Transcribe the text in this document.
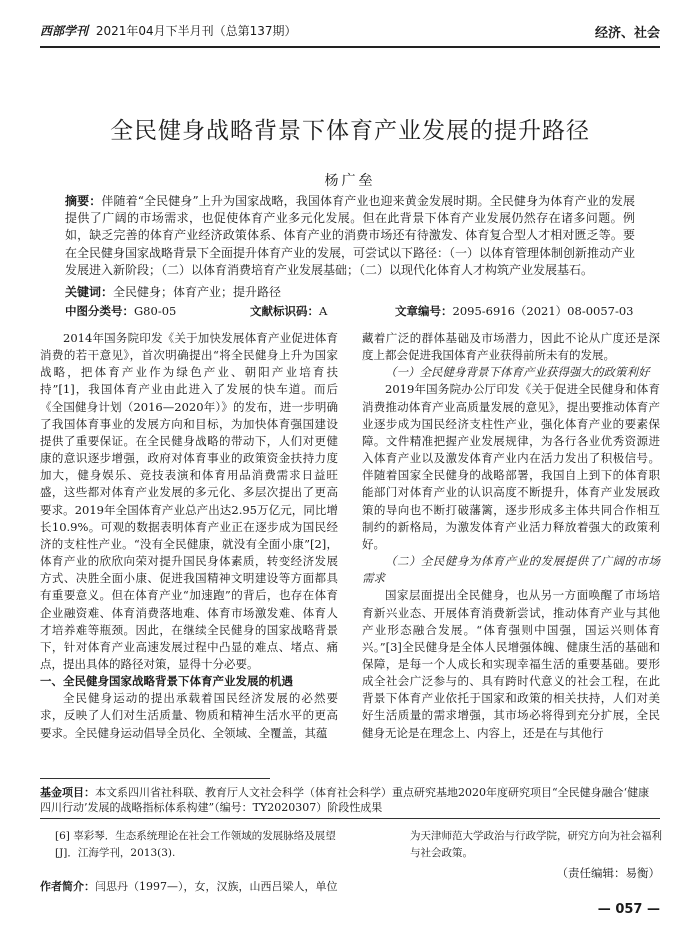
西部学刊 2021年04月下半月刊（总第137期）	经济、社会
全民健身战略背景下体育产业发展的提升路径
杨广垒
摘要：伴随着“全民健身”上升为国家战略，我国体育产业也迎来黄金发展时期。全民健身为体育产业的发展提供了广阔的市场需求，也促使体育产业多元化发展。但在此背景下体育产业发展仍然存在诸多问题。例如，缺乏完善的体育产业经济政策体系、体育产业的消费市场还有待激发、体育复合型人才相对匮乏等。要在全民健身国家战略背景下全面提升体育产业的发展，可尝试以下路径：（一）以体育管理体制创新推动产业发展进入新阶段；（二）以体育消费培育产业发展基础；（二）以现代化体育人才构筑产业发展基石。
关键词：全民健身；体育产业；提升路径
中图分类号：G80-05	文献标识码：A	文章编号：2095-6916（2021）08-0057-03

2014年国务院印发《关于加快发展体育产业促进体育消费的若干意见》，首次明确提出“将全民健身上升为国家战略，把体育产业作为绿色产业、朝阳产业培育扶持”[1]，我国体育产业由此进入了发展的快车道。而后《全国健身计划（2016—2020年）》的发布，进一步明确了我国体育事业的发展方向和目标，为加快体育强国建设提供了重要保证。在全民健身战略的带动下，人们对更健康的意识逐步增强，政府对体育事业的政策资金扶持力度加大，健身娱乐、竞技表演和体育用品消费需求日益旺盛，这些都对体育产业发展的多元化、多层次提出了更高要求。2019年全国体育产业总产出达2.95万亿元，同比增长10.9%。可观的数据表明体育产业正在逐步成为国民经济的支柱性产业。“没有全民健康，就没有全面小康”[2]，体育产业的欣欣向荣对提升国民身体素质，转变经济发展方式、决胜全面小康、促进我国精神文明建设等方面都具有重要意义。但在体育产业“加速跑”的背后，也存在体育企业融资难、体育消费落地难、体育市场激发难、体育人才培养难等瓶颈。因此，在继续全民健身的国家战略背景下，针对体育产业高速发展过程中凸显的难点、堵点、痛点，提出具体的路径对策，显得十分必要。

一、全民健身国家战略背景下体育产业发展的机遇

全民健身运动的提出承载着国民经济发展的必然要求，反映了人们对生活质量、物质和精神生活水平的更高要求。全民健身运动倡导全员化、全领域、全覆盖，其蕴

藏着广泛的群体基础及市场潜力，因此不论从广度还是深度上都会促进我国体育产业获得前所未有的发展。

（一）全民健身背景下体育产业获得强大的政策利好

2019年国务院办公厅印发《关于促进全民健身和体育消费推动体育产业高质量发展的意见》，提出要推动体育产业逐步成为国民经济支柱性产业，强化体育产业的要素保障。文件精准把握产业发展规律，为各行各业优秀资源进入体育产业以及激发体育产业内在活力发出了积极信号。伴随着国家全民健身的战略部署，我国自上到下的体育职能部门对体育产业的认识高度不断提升，体育产业发展政策的导向也不断打破藩篱，逐步形成多主体共同合作相互制约的新格局，为激发体育产业活力释放着强大的政策利好。

（二）全民健身为体育产业的发展提供了广阔的市场需求

国家层面提出全民健身，也从另一方面唤醒了市场培育新兴业态、开展体育消费新尝试，推动体育产业与其他产业形态融合发展。“体育强则中国强，国运兴则体育兴。”[3]全民健身是全体人民增强体魄、健康生活的基础和保障，是每一个人成长和实现幸福生活的重要基础。要形成全社会广泛参与的、具有跨时代意义的社会工程，在此背景下体育产业依托于国家和政策的相关扶持，人们对美好生活质量的需求增强，其市场必将得到充分扩展，全民健身无论是在理念上、内容上，还是在与其他行

基金项目：本文系四川省社科联、教育厅人文社会科学（体育社会科学）重点研究基地2020年度研究项目“全民健身融合‘健康四川行动’发展的战略指标体系构建”（编号：TY2020307）阶段性成果
[6] 辜彩琴．生态系统理论在社会工作领域的发展脉络及展望[J]．江海学刊，2013(3).
为天津师范大学政治与行政学院，研究方向为社会福利与社会政策。
（责任编辑：易衡）
作者简介：闫思丹（1997—），女，汉族，山西吕梁人，单位
— 057 —
